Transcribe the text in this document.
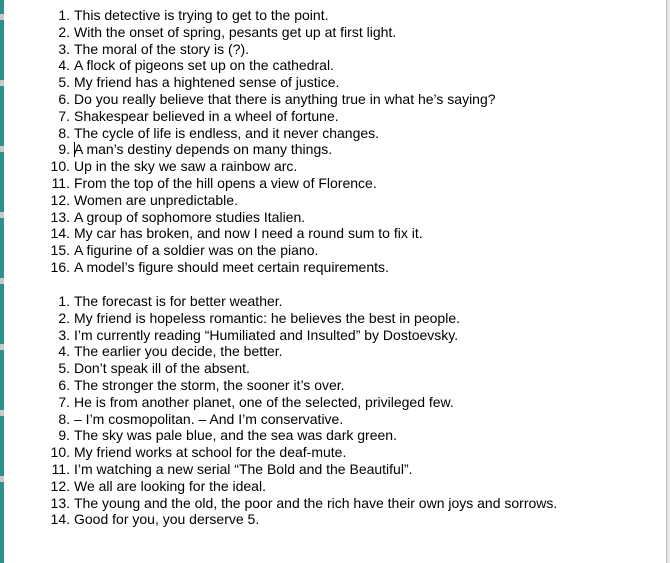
1. This detective is trying to get to the point.
2. With the onset of spring, pesants get up at first light.
3. The moral of the story is (?).
4. A flock of pigeons set up on the cathedral.
5. My friend has a hightened sense of justice.
6. Do you really believe that there is anything true in what he’s saying?
7. Shakespear believed in a wheel of fortune.
8. The cycle of life is endless, and it never changes.
9. A man’s destiny depends on many things.
10. Up in the sky we saw a rainbow arc.
11. From the top of the hill opens a view of Florence.
12. Women are unpredictable.
13. A group of sophomore studies Italien.
14. My car has broken, and now I need a round sum to fix it.
15. A figurine of a soldier was on the piano.
16. A model’s figure should meet certain requirements.
1. The forecast is for better weather.
2. My friend is hopeless romantic: he believes the best in people.
3. I’m currently reading “Humiliated and Insulted” by Dostoevsky.
4. The earlier you decide, the better.
5. Don’t speak ill of the absent.
6. The stronger the storm, the sooner it’s over.
7. He is from another planet, one of the selected, privileged few.
8. – I’m cosmopolitan. – And I’m conservative.
9. The sky was pale blue, and the sea was dark green.
10. My friend works at school for the deaf-mute.
11. I’m watching a new serial “The Bold and the Beautiful”.
12. We all are looking for the ideal.
13. The young and the old, the poor and the rich have their own joys and sorrows.
14. Good for you, you derserve 5.
